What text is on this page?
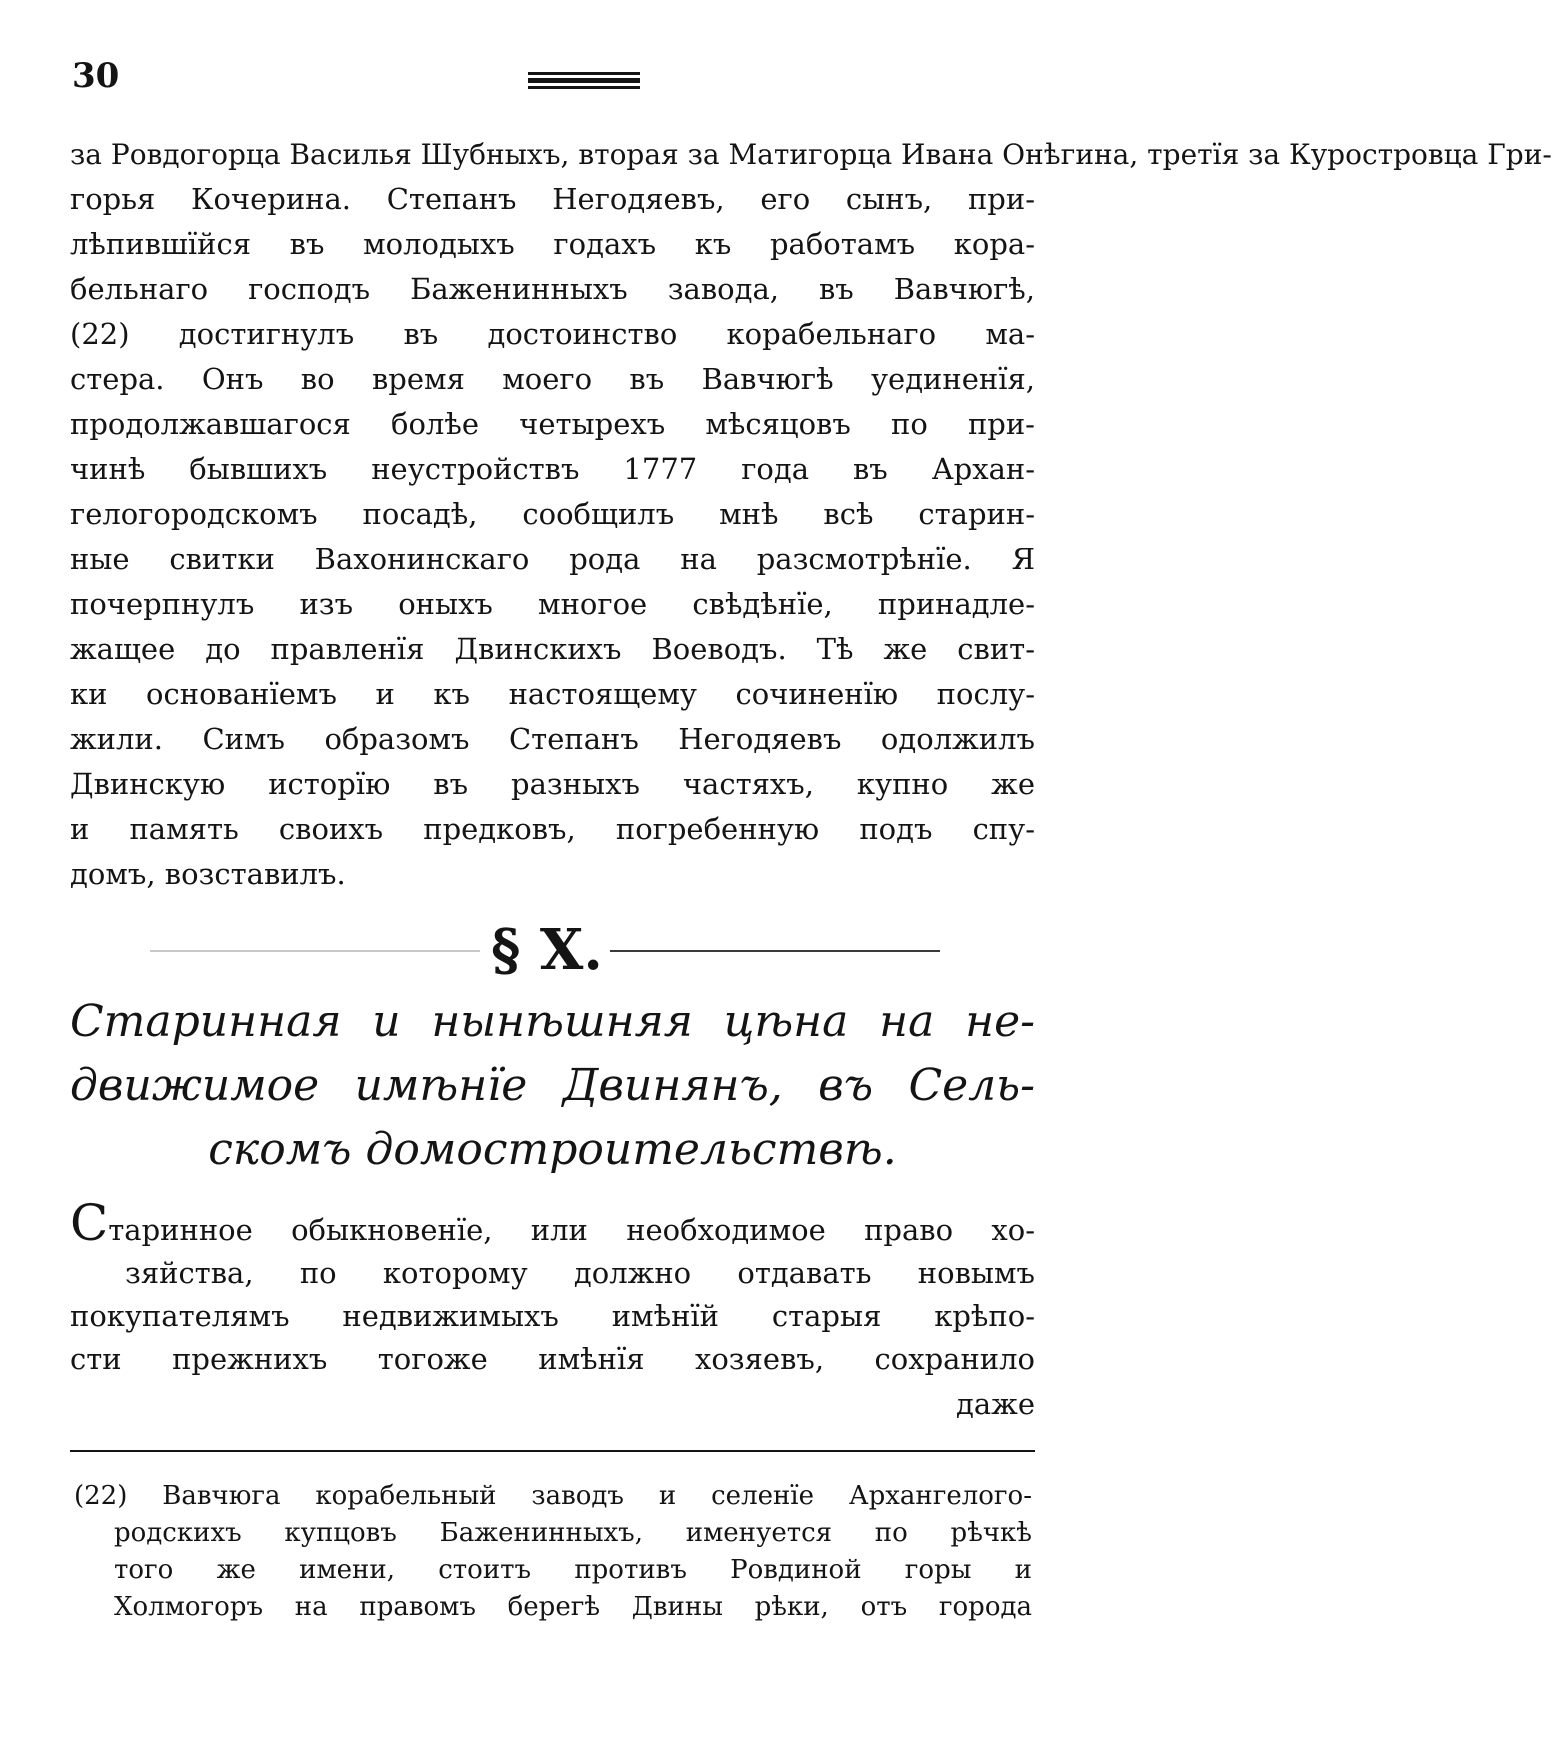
30
за Ровдогорца Василья Шубныхъ, вторая за Матигорца Ивана Онѣгина, третїя за Куростровца Гри-
горья Кочерина. Степанъ Негодяевъ, его сынъ, при-
лѣпившїйся въ молодыхъ годахъ къ работамъ кора-
бельнаго господъ Баженинныхъ завода, въ Вавчюгѣ,
(22) достигнулъ въ достоинство корабельнаго ма-
стера. Онъ во время моего въ Вавчюгѣ уединенїя,
продолжавшагося болѣе четырехъ мѣсяцовъ по при-
чинѣ бывшихъ неустройствъ 1777 года въ Архан-
гелогородскомъ посадѣ, сообщилъ мнѣ всѣ старин-
ные свитки Вахонинскаго рода на разсмотрѣнїе. Я
почерпнулъ изъ оныхъ многое свѣдѣнїе, принадле-
жащее до правленїя Двинскихъ Воеводъ. Тѣ же свит-
ки основанїемъ и къ настоящему сочиненїю послу-
жили. Симъ образомъ Степанъ Негодяевъ одолжилъ
Двинскую исторїю въ разныхъ частяхъ, купно же
и память своихъ предковъ, погребенную подъ спу-
домъ, возставилъ.
§ X.
Старинная и нынѣшняя цѣна на не-
движимое имѣнїе Двинянъ, въ Сель-
скомъ домостроительствѣ.
Старинное обыкновенїе, или необходимое право хо-
зяйства, по которому должно отдавать новымъ
покупателямъ недвижимыхъ имѣнїй старыя крѣпо-
сти прежнихъ тогоже имѣнїя хозяевъ, сохранило
даже
(22) Вавчюга корабельный заводъ и селенїе Архангелого-
родскихъ купцовъ Баженинныхъ, именуется по рѣчкѣ
того же имени, стоитъ противъ Ровдиной горы и
Холмогоръ на правомъ берегѣ Двины рѣки, отъ города
